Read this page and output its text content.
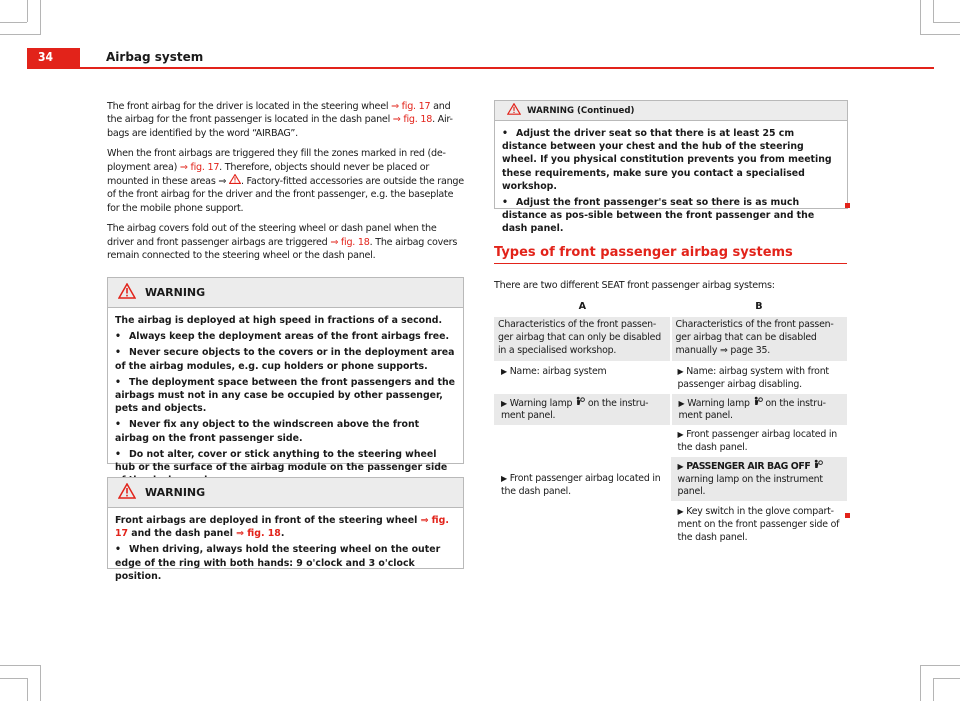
34	Airbag system

The front airbag for the driver is located in the steering wheel ⇒ fig. 17 and the airbag for the front passenger is located in the dash panel ⇒ fig. 18. Air-bags are identified by the word “AIRBAG”.

When the front airbags are triggered they fill the zones marked in red (de-ployment area) ⇒ fig. 17. Therefore, objects should never be placed or mounted in these areas ⇒ . Factory-fitted accessories are outside the range of the front airbag for the driver and the front passenger, e.g. the baseplate for the mobile phone support.

The airbag covers fold out of the steering wheel or dash panel when the driver and front passenger airbags are triggered ⇒ fig. 18. The airbag covers remain connected to the steering wheel or the dash panel.

WARNING
The airbag is deployed at high speed in fractions of a second.
• Always keep the deployment areas of the front airbags free.
• Never secure objects to the covers or in the deployment area of the airbag modules, e.g. cup holders or phone supports.
• The deployment space between the front passengers and the airbags must not in any case be occupied by other passenger, pets and objects.
• Never fix any object to the windscreen above the front airbag on the front passenger side.
• Do not alter, cover or stick anything to the steering wheel hub or the surface of the airbag module on the passenger side
WARNING
Front airbags are deployed in front of the steering wheel ⇒ fig. 17 and the dash panel ⇒ fig. 18.
• When driving, always hold the steering wheel on the outer edge of the ring with both hands: 9 o'clock and 3 o'clock position.
WARNING (Continued)
• Adjust the driver seat so that there is at least 25 cm distance between your chest and the hub of the steering wheel. If you physical constitution prevents you from meeting these requirements, make sure you contact a specialised workshop.
• Adjust the front passenger's seat so there is as much distance as pos-sible between the front passenger and the dash panel.
Types of front passenger airbag systems
There are two different SEAT front passenger airbag systems:
A	B
Characteristics of the front passen-ger airbag that can only be disabled in a specialised workshop.	Characteristics of the front passen-ger airbag that can be disabled manually ⇒ page 35.
▶ Name: airbag system	▶ Name: airbag system with front passenger airbag disabling.
▶ Warning lamp  on the instru-ment panel.	▶ Warning lamp  on the instru-ment panel.
▶ Front passenger airbag located in the dash panel.	▶ Front passenger airbag located in the dash panel.
	▶ PASSENGER AIR BAG OFF  warning lamp on the instrument panel.
	▶ Key switch in the glove compart-ment on the front passenger side of the dash panel.
